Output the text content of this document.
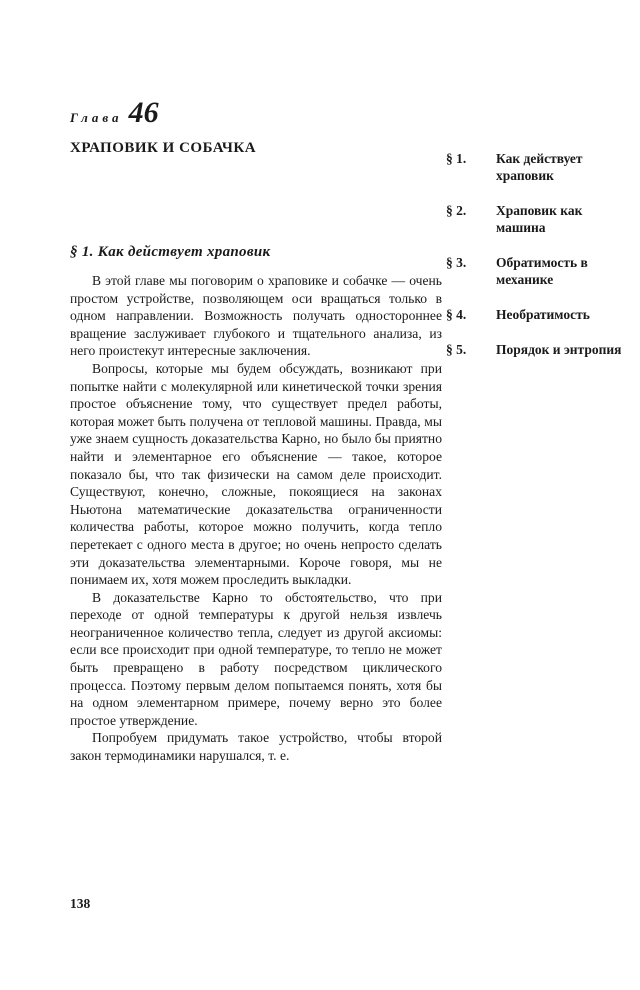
Глава 46
ХРАПОВИК И СОБАЧКА
§ 1.	Как действует храповик
§ 2.	Храповик как машина
§ 3.	Обратимость в механике
§ 4.	Необратимость
§ 5.	Порядок и энтропия
§ 1. Как действует храповик

В этой главе мы поговорим о храповике и собачке — очень простом устройстве, позволяющем оси вращаться только в одном направлении. Возможность получать одностороннее вращение заслуживает глубокого и тщательного анализа, из него проистекут интересные заключения.

Вопросы, которые мы будем обсуждать, возникают при попытке найти с молекулярной или кинетической точки зрения простое объяснение тому, что существует предел работы, которая может быть получена от тепловой машины. Правда, мы уже знаем сущность доказательства Карно, но было бы приятно найти и элементарное его объяснение — такое, которое показало бы, что так физически на самом деле происходит. Существуют, конечно, сложные, покоящиеся на законах Ньютона математические доказательства ограниченности количества работы, которое можно получить, когда тепло перетекает с одного места в другое; но очень непросто сделать эти доказательства элементарными. Короче говоря, мы не понимаем их, хотя можем проследить выкладки.

В доказательстве Карно то обстоятельство, что при переходе от одной температуры к другой нельзя извлечь неограниченное количество тепла, следует из другой аксиомы: если все происходит при одной температуре, то тепло не может быть превращено в работу посредством циклического процесса. Поэтому первым делом попытаемся понять, хотя бы на одном элементарном примере, почему верно это более простое утверждение.

Попробуем придумать такое устройство, чтобы второй закон термодинамики нарушался, т. е.

138
